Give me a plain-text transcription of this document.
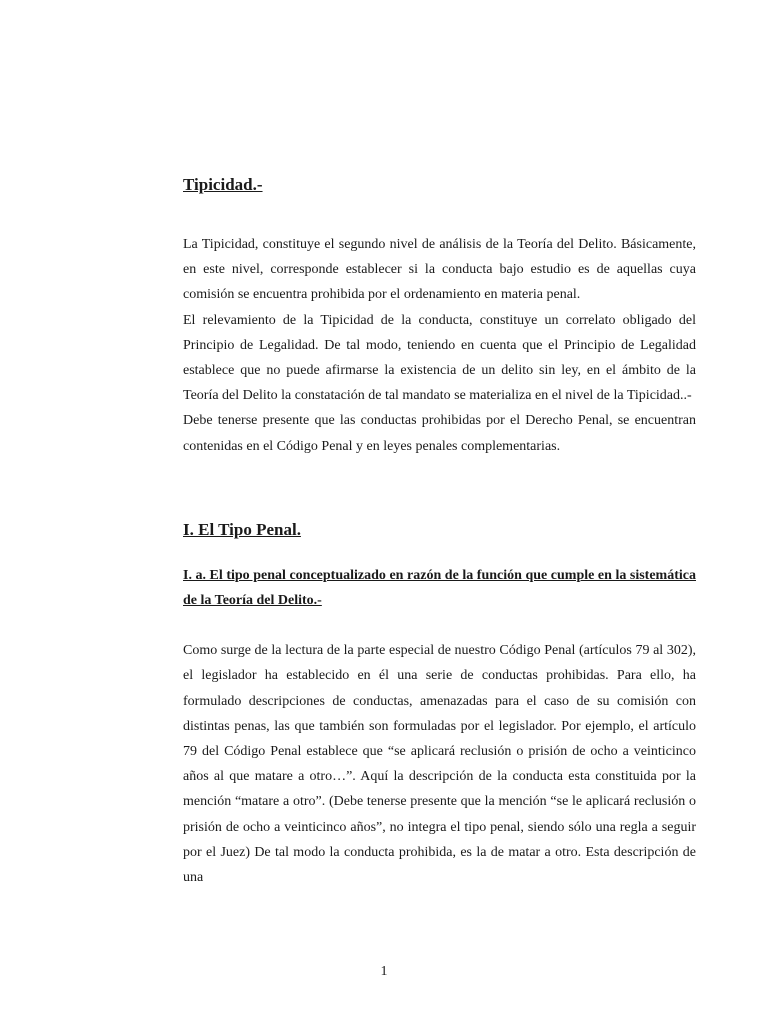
Tipicidad.-

La Tipicidad, constituye el segundo nivel de análisis de la Teoría del Delito. Básicamente, en este nivel, corresponde establecer si la conducta bajo estudio es de aquellas cuya comisión se encuentra prohibida por el ordenamiento en materia penal.

El relevamiento de la Tipicidad de la conducta, constituye un correlato obligado del Principio de Legalidad. De tal modo, teniendo en cuenta que el Principio de Legalidad establece que no puede afirmarse la existencia de un delito sin ley, en el ámbito de la Teoría del Delito la constatación de tal mandato se materializa en el nivel de la Tipicidad..-

Debe tenerse presente que las conductas prohibidas por el Derecho Penal, se encuentran contenidas en el Código Penal y en leyes penales complementarias.

I. El Tipo Penal.
I. a. El tipo penal conceptualizado en razón de la función que cumple en la sistemática de la Teoría del Delito.-

Como surge de la lectura de la parte especial de nuestro Código Penal (artículos 79 al 302), el legislador ha establecido en él una serie de conductas prohibidas. Para ello, ha formulado descripciones de conductas, amenazadas para el caso de su comisión con distintas penas, las que también son formuladas por el legislador. Por ejemplo, el artículo 79 del Código Penal establece que “se aplicará reclusión o prisión de ocho a veinticinco años al que matare a otro…”. Aquí la descripción de la conducta esta constituida por la mención “matare a otro”. (Debe tenerse presente que la mención “se le aplicará reclusión o prisión de ocho a veinticinco años”, no integra el tipo penal, siendo sólo una regla a seguir por el Juez) De tal modo la conducta prohibida, es la de matar a otro. Esta descripción de una

1
